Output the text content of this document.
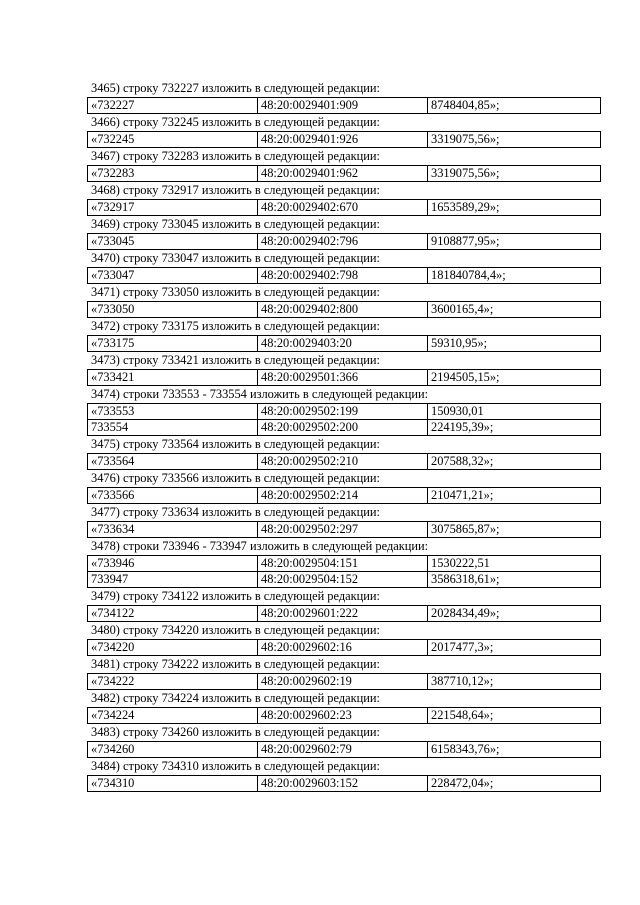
3465) строку 732227 изложить в следующей редакции:
«732227	48:20:0029401:909	8748404,85»;
3466) строку 732245 изложить в следующей редакции:
«732245	48:20:0029401:926	3319075,56»;
3467) строку 732283 изложить в следующей редакции:
«732283	48:20:0029401:962	3319075,56»;
3468) строку 732917 изложить в следующей редакции:
«732917	48:20:0029402:670	1653589,29»;
3469) строку 733045 изложить в следующей редакции:
«733045	48:20:0029402:796	9108877,95»;
3470) строку 733047 изложить в следующей редакции:
«733047	48:20:0029402:798	181840784,4»;
3471) строку 733050 изложить в следующей редакции:
«733050	48:20:0029402:800	3600165,4»;
3472) строку 733175 изложить в следующей редакции:
«733175	48:20:0029403:20	59310,95»;
3473) строку 733421 изложить в следующей редакции:
«733421	48:20:0029501:366	2194505,15»;
3474) строки 733553 - 733554 изложить в следующей редакции:
«733553	48:20:0029502:199	150930,01
733554	48:20:0029502:200	224195,39»;
3475) строку 733564 изложить в следующей редакции:
«733564	48:20:0029502:210	207588,32»;
3476) строку 733566 изложить в следующей редакции:
«733566	48:20:0029502:214	210471,21»;
3477) строку 733634 изложить в следующей редакции:
«733634	48:20:0029502:297	3075865,87»;
3478) строки 733946 - 733947 изложить в следующей редакции:
«733946	48:20:0029504:151	1530222,51
733947	48:20:0029504:152	3586318,61»;
3479) строку 734122 изложить в следующей редакции:
«734122	48:20:0029601:222	2028434,49»;
3480) строку 734220 изложить в следующей редакции:
«734220	48:20:0029602:16	2017477,3»;
3481) строку 734222 изложить в следующей редакции:
«734222	48:20:0029602:19	387710,12»;
3482) строку 734224 изложить в следующей редакции:
«734224	48:20:0029602:23	221548,64»;
3483) строку 734260 изложить в следующей редакции:
«734260	48:20:0029602:79	6158343,76»;
3484) строку 734310 изложить в следующей редакции:
«734310	48:20:0029603:152	228472,04»;
